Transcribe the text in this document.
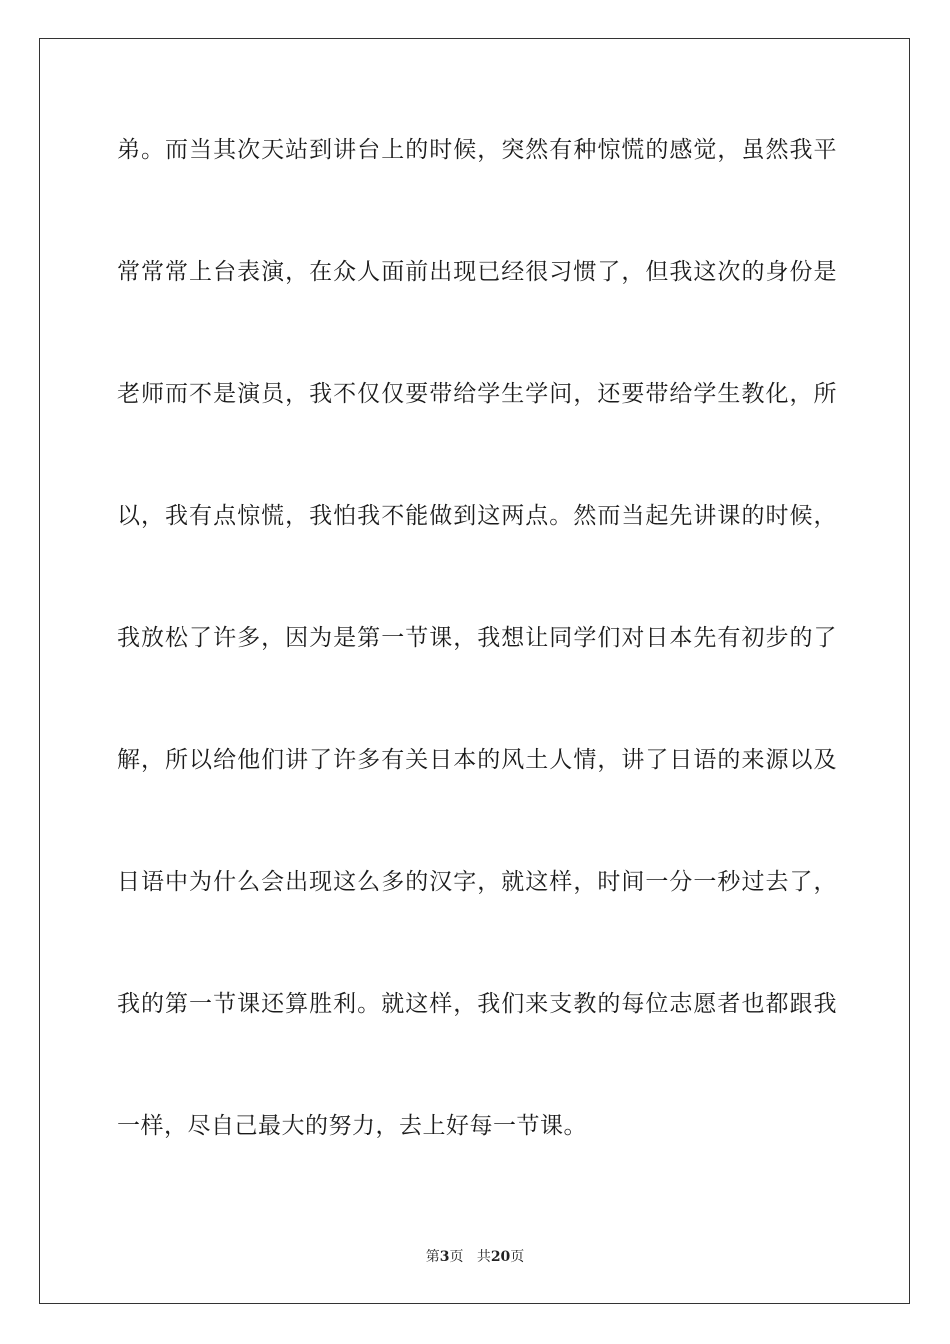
弟。而当其次天站到讲台上的时候，突然有种惊慌的感觉，虽然我平

常常常上台表演，在众人面前出现已经很习惯了，但我这次的身份是

老师而不是演员，我不仅仅要带给学生学问，还要带给学生教化，所

以，我有点惊慌，我怕我不能做到这两点。然而当起先讲课的时候，

我放松了许多，因为是第一节课，我想让同学们对日本先有初步的了

解，所以给他们讲了许多有关日本的风土人情，讲了日语的来源以及

日语中为什么会出现这么多的汉字，就这样，时间一分一秒过去了，

我的第一节课还算胜利。就这样，我们来支教的每位志愿者也都跟我

一样，尽自己最大的努力，去上好每一节课。

第3页 共20页
